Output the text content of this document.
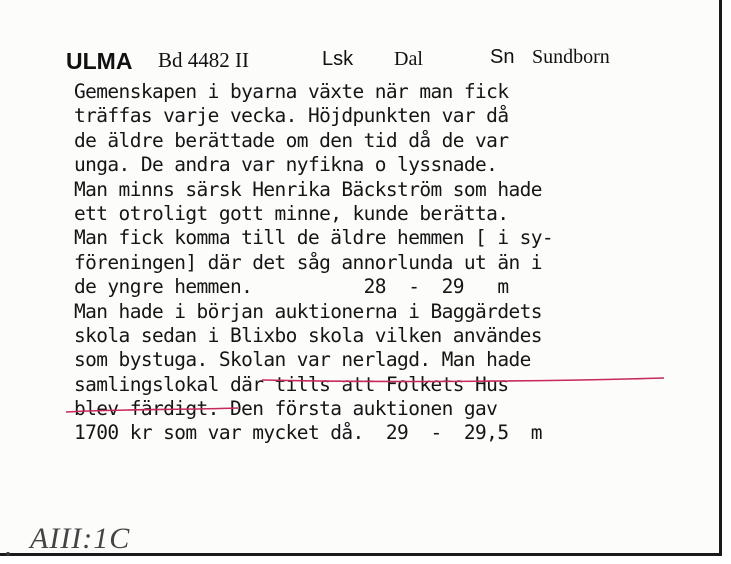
ULMA Bd 4482 II	Lsk Dal	Sn Sundborn
Gemenskapen i byarna växte när man fick
träffas varje vecka. Höjdpunkten var då
de äldre berättade om den tid då de var
unga. De andra var nyfikna o lyssnade.
Man minns särsk Henrika Bäckström som hade
ett otroligt gott minne, kunde berätta.
Man fick komma till de äldre hemmen [ i sy-
föreningen] där det såg annorlunda ut än i
de yngre hemmen.          28  -  29   m
Man hade i början auktionerna i Baggärdets
skola sedan i Blixbo skola vilken användes
som bystuga. Skolan var nerlagd. Man hade
samlingslokal där tills att Folkets Hus
blev färdigt. Den första auktionen gav
1700 kr som var mycket då.  29  -  29,5  m
AIII:1C
